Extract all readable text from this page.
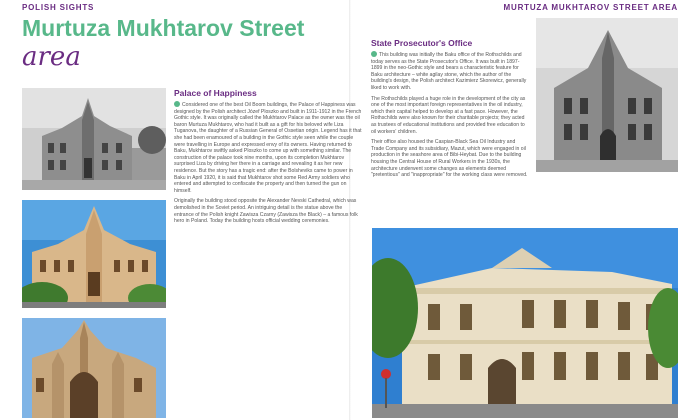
POLISH SIGHTS	MURTUZA MUKHTAROV STREET AREA
Murtuza Mukhtarov Street
area
Palace of Happiness

Considered one of the best Oil Boom buildings, the Palace of Happiness was designed by the Polish architect Józef Ploszko and built in 1911-1912 in the French Gothic style. It was originally called the Mukhtarov Palace as the owner was the oil baron Murtuza Mukhtarov, who had it built as a gift for his beloved wife Liza Tuganova, the daughter of a Russian General of Ossetian origin. Legend has it that she had been enamoured of a building in the Gothic style seen while the couple were travelling in Europe and expressed envy of its owners. Having returned to Baku, Mukhtarov swiftly asked Ploszko to come up with something similar. The construction of the palace took nine months, upon its completion Mukhtarov surprised Liza by driving her there in a carriage and revealing it as her new residence. But the story has a tragic end: after the Bolsheviks came to power in Baku in April 1920, it is said that Mukhtarov shot some Red Army soldiers who entered and attempted to confiscate the property and then turned the gun on himself.

Originally the building stood opposite the Alexander Nevski Cathedral, which was demolished in the Soviet period. An intriguing detail is the statue above the entrance of the Polish knight Zawisza Czarny (Zawisza the Black) – a famous folk hero in Poland. Today the building hosts official wedding ceremonies.

State Prosecutor's Office

This building was initially the Baku office of the Rothschilds and today serves as the State Prosecutor's Office. It was built in 1897-1899 in the neo-Gothic style and bears a characteristic feature for Baku architecture – white agilay stone, which the author of the building's design, the Polish architect Kazimierz Skorewicz, generally liked to work with.

The Rothschilds played a huge role in the development of the city as one of the most important foreign representatives in the oil industry, which their capital helped to develop at a fast pace. However, the Rothschilds were also known for their charitable projects; they acted as trustees of educational institutions and provided free education to oil workers' children.

Their office also housed the Caspian-Black Sea Oil Industry and Trade Company and its subsidiary, Mazut, which were engaged in oil production in the seashore area of Bibi-Heybat. Due to the building housing the Central House of Rural Workers in the 1930s, the architecture underwent some changes as elements deemed "pretentious" and "inappropriate" for the working class were removed.
